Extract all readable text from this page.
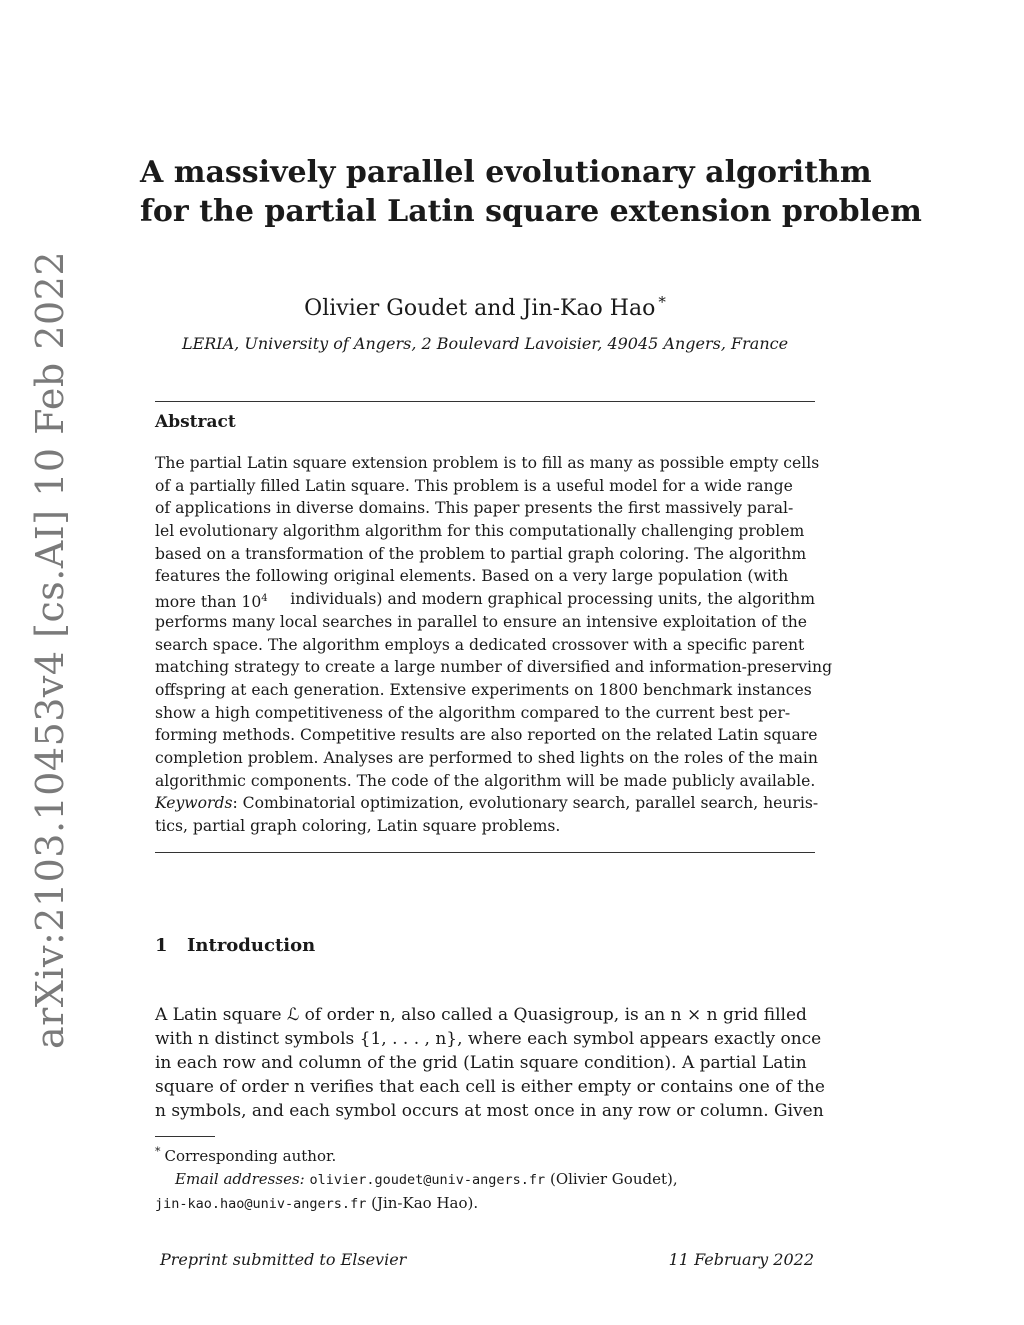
arXiv:2103.10453v4 [cs.AI] 10 Feb 2022
A massively parallel evolutionary algorithm
for the partial Latin square extension problem
Olivier Goudet and Jin-Kao Hao *
LERIA, University of Angers, 2 Boulevard Lavoisier, 49045 Angers, France
Abstract
The partial Latin square extension problem is to fill as many as possible empty cells
of a partially filled Latin square. This problem is a useful model for a wide range
of applications in diverse domains. This paper presents the first massively paral-
lel evolutionary algorithm algorithm for this computationally challenging problem
based on a transformation of the problem to partial graph coloring. The algorithm
features the following original elements. Based on a very large population (with
more than $10^4$ individuals) and modern graphical processing units, the algorithm
performs many local searches in parallel to ensure an intensive exploitation of the
search space. The algorithm employs a dedicated crossover with a specific parent
matching strategy to create a large number of diversified and information-preserving
offspring at each generation. Extensive experiments on 1800 benchmark instances
show a high competitiveness of the algorithm compared to the current best per-
forming methods. Competitive results are also reported on the related Latin square
completion problem. Analyses are performed to shed lights on the roles of the main
algorithmic components. The code of the algorithm will be made publicly available.
Keywords: Combinatorial optimization, evolutionary search, parallel search, heuris-
tics, partial graph coloring, Latin square problems.
1 Introduction
A Latin square ℒ of order n, also called a Quasigroup, is an n × n grid filled
with n distinct symbols {1, . . . , n}, where each symbol appears exactly once
in each row and column of the grid (Latin square condition). A partial Latin
square of order n verifies that each cell is either empty or contains one of the
n symbols, and each symbol occurs at most once in any row or column. Given
* Corresponding author.
Email addresses: olivier.goudet@univ-angers.fr (Olivier Goudet),
jin-kao.hao@univ-angers.fr (Jin-Kao Hao).
Preprint submitted to Elsevier	11 February 2022
